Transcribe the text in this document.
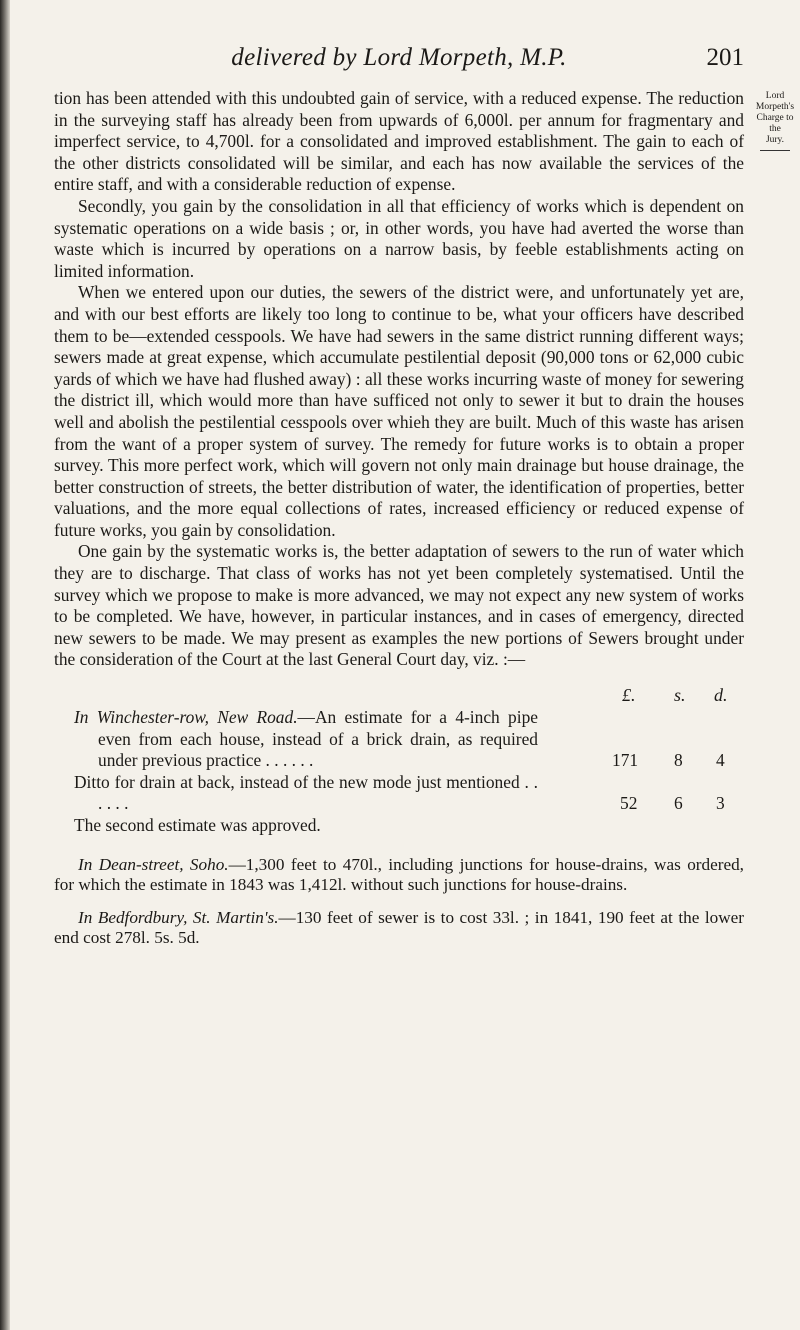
delivered by Lord Morpeth, M.P.	201
Lord
Morpeth's
Charge to the
Jury.

tion has been attended with this undoubted gain of service, with a reduced expense. The reduction in the surveying staff has already been from upwards of 6,000l. per annum for fragmentary and imperfect service, to 4,700l. for a consolidated and improved establishment. The gain to each of the other districts consolidated will be similar, and each has now available the services of the entire staff, and with a considerable reduction of expense.

Secondly, you gain by the consolidation in all that efficiency of works which is dependent on systematic operations on a wide basis ; or, in other words, you have had averted the worse than waste which is incurred by operations on a narrow basis, by feeble establishments acting on limited information.

When we entered upon our duties, the sewers of the district were, and unfortunately yet are, and with our best efforts are likely too long to continue to be, what your officers have described them to be—extended cesspools. We have had sewers in the same district running different ways; sewers made at great expense, which accumulate pestilential deposit (90,000 tons or 62,000 cubic yards of which we have had flushed away) : all these works incurring waste of money for sewering the district ill, which would more than have sufficed not only to sewer it but to drain the houses well and abolish the pestilential cesspools over whieh they are built. Much of this waste has arisen from the want of a proper system of survey. The remedy for future works is to obtain a proper survey. This more perfect work, which will govern not only main drainage but house drainage, the better construction of streets, the better distribution of water, the identification of properties, better valuations, and the more equal collections of rates, increased efficiency or reduced expense of future works, you gain by consolidation.

One gain by the systematic works is, the better adaptation of sewers to the run of water which they are to discharge. That class of works has not yet been completely systematised. Until the survey which we propose to make is more advanced, we may not expect any new system of works to be completed. We have, however, in particular instances, and in cases of emergency, directed new sewers to be made. We may present as examples the new portions of Sewers brought under the consideration of the Court at the last General Court day, viz. :—

£. s. d.
In Winchester-row, New Road.—An estimate for a 4-inch pipe even from each house, instead of a brick drain, as required under previous practice . . . . . .	171 8 4
Ditto for drain at back, instead of the new mode just mentioned . . . . . .	52 6 3
The second estimate was approved.

In Dean-street, Soho.—1,300 feet to 470l., including junctions for house-drains, was ordered, for which the estimate in 1843 was 1,412l. without such junctions for house-drains.

In Bedfordbury, St. Martin's.—130 feet of sewer is to cost 33l. ; in 1841, 190 feet at the lower end cost 278l. 5s. 5d.
